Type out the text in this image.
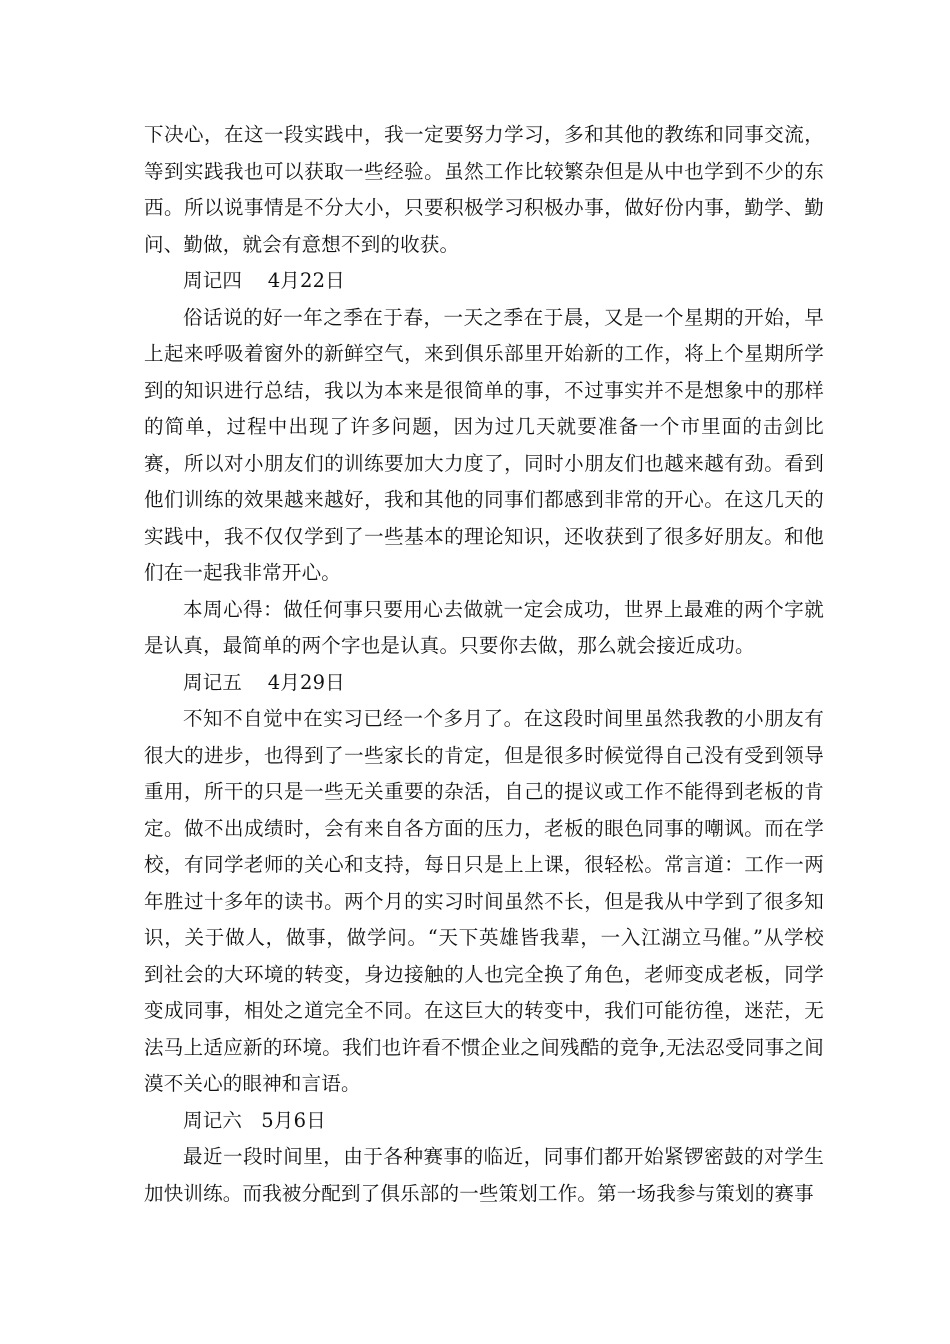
下决心，在这一段实践中，我一定要努力学习，多和其他的教练和同事交流，等到实践我也可以获取一些经验。虽然工作比较繁杂但是从中也学到不少的东西。所以说事情是不分大小，只要积极学习积极办事，做好份内事，勤学、勤问、勤做，就会有意想不到的收获。

周记四    4月22日

俗话说的好一年之季在于春，一天之季在于晨，又是一个星期的开始，早上起来呼吸着窗外的新鲜空气，来到俱乐部里开始新的工作，将上个星期所学到的知识进行总结，我以为本来是很简单的事，不过事实并不是想象中的那样的简单，过程中出现了许多问题，因为过几天就要准备一个市里面的击剑比赛，所以对小朋友们的训练要加大力度了，同时小朋友们也越来越有劲。看到他们训练的效果越来越好，我和其他的同事们都感到非常的开心。在这几天的实践中，我不仅仅学到了一些基本的理论知识，还收获到了很多好朋友。和他们在一起我非常开心。

本周心得：做任何事只要用心去做就一定会成功，世界上最难的两个字就是认真，最简单的两个字也是认真。只要你去做，那么就会接近成功。

周记五    4月29日

不知不自觉中在实习已经一个多月了。在这段时间里虽然我教的小朋友有很大的进步，也得到了一些家长的肯定，但是很多时候觉得自己没有受到领导重用，所干的只是一些无关重要的杂活，自己的提议或工作不能得到老板的肯定。做不出成绩时，会有来自各方面的压力，老板的眼色同事的嘲讽。而在学校，有同学老师的关心和支持，每日只是上上课，很轻松。常言道：工作一两年胜过十多年的读书。两个月的实习时间虽然不长，但是我从中学到了很多知识，关于做人，做事，做学问。“天下英雄皆我辈，一入江湖立马催。”从学校到社会的大环境的转变，身边接触的人也完全换了角色，老师变成老板，同学变成同事，相处之道完全不同。在这巨大的转变中，我们可能彷徨，迷茫，无法马上适应新的环境。我们也许看不惯企业之间残酷的竞争,无法忍受同事之间漠不关心的眼神和言语。

周记六   5月6日

最近一段时间里，由于各种赛事的临近，同事们都开始紧锣密鼓的对学生加快训练。而我被分配到了俱乐部的一些策划工作。第一场我参与策划的赛事
